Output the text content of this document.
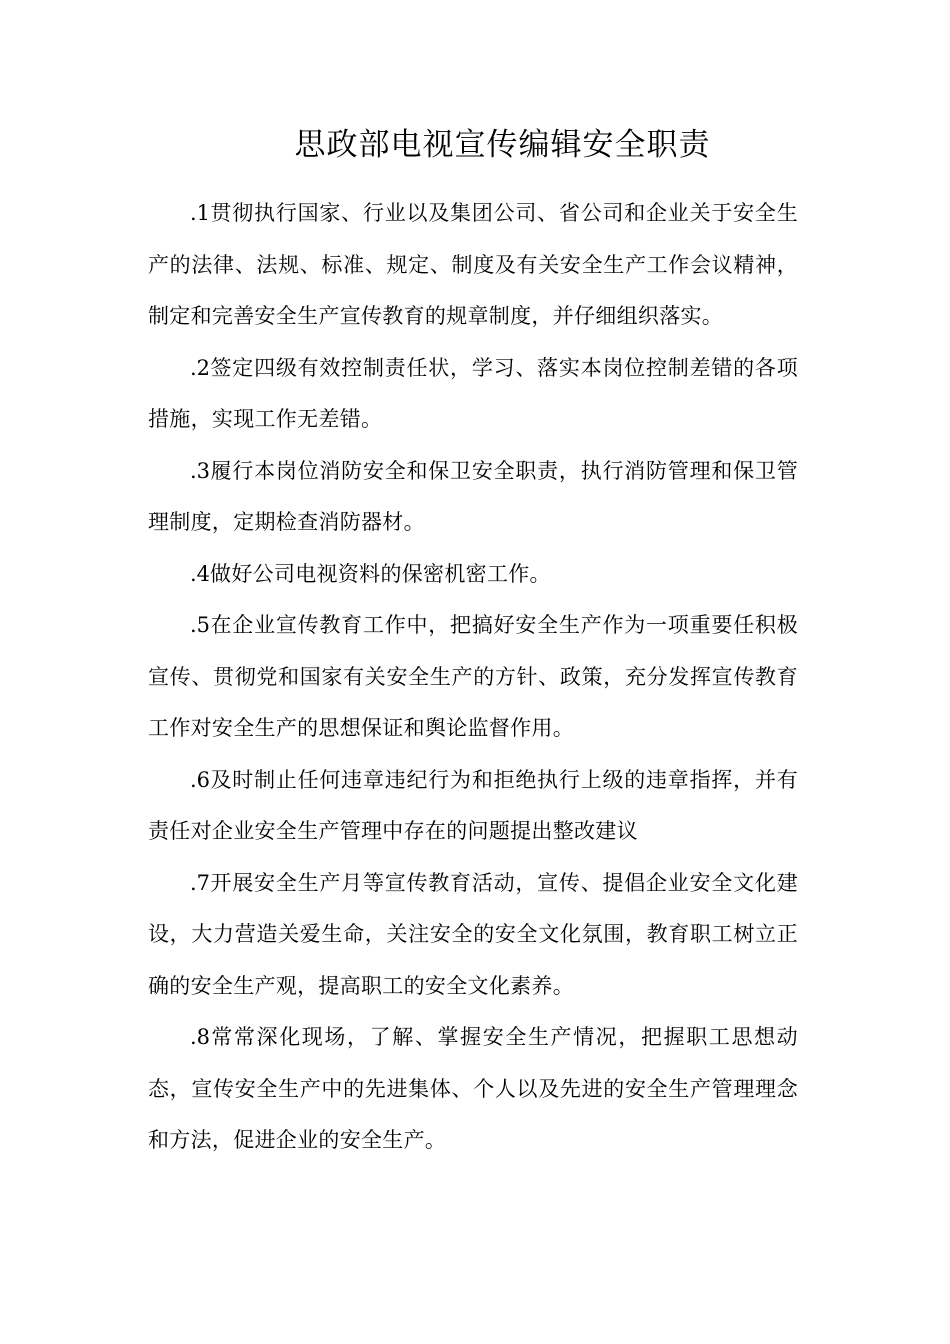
思政部电视宣传编辑安全职责

.1贯彻执行国家、行业以及集团公司、省公司和企业关于安全生产的法律、法规、标准、规定、制度及有关安全生产工作会议精神，制定和完善安全生产宣传教育的规章制度，并仔细组织落实。

.2签定四级有效控制责任状，学习、落实本岗位控制差错的各项措施，实现工作无差错。

.3履行本岗位消防安全和保卫安全职责，执行消防管理和保卫管理制度，定期检查消防器材。

.4做好公司电视资料的保密机密工作。

.5在企业宣传教育工作中，把搞好安全生产作为一项重要任积极宣传、贯彻党和国家有关安全生产的方针、政策，充分发挥宣传教育工作对安全生产的思想保证和舆论监督作用。

.6及时制止任何违章违纪行为和拒绝执行上级的违章指挥，并有责任对企业安全生产管理中存在的问题提出整改建议

.7开展安全生产月等宣传教育活动，宣传、提倡企业安全文化建设，大力营造关爱生命，关注安全的安全文化氛围，教育职工树立正确的安全生产观，提高职工的安全文化素养。

.8常常深化现场，了解、掌握安全生产情况，把握职工思想动态，宣传安全生产中的先进集体、个人以及先进的安全生产管理理念和方法，促进企业的安全生产。
